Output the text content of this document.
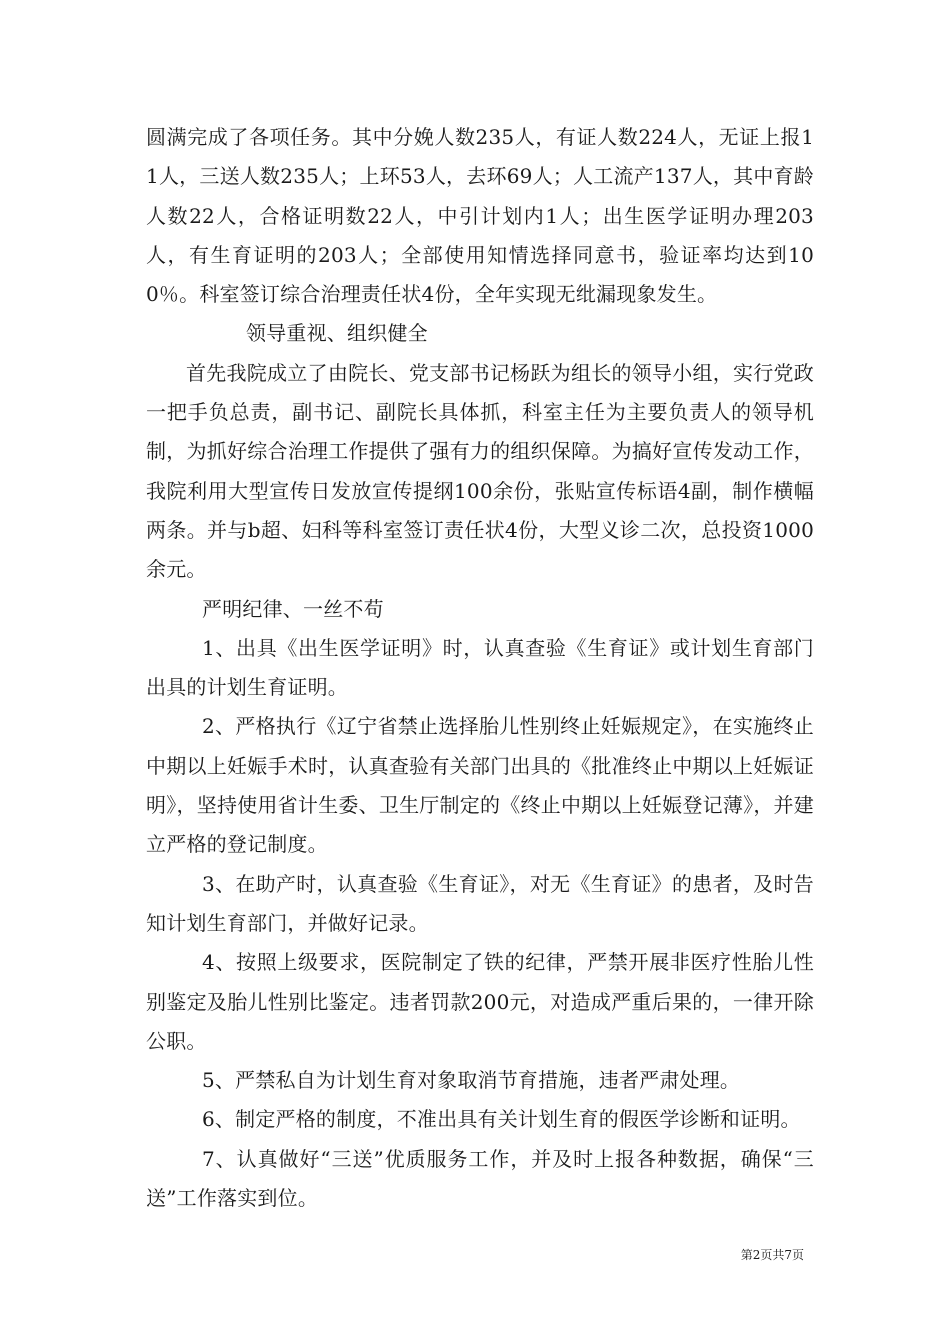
圆满完成了各项任务。其中分娩人数235人，有证人数224人，无证上报11人，三送人数235人；上环53人，去环69人；人工流产137人，其中育龄人数22人，合格证明数22人，中引计划内1人；出生医学证明办理203人，有生育证明的203人；全部使用知情选择同意书，验证率均达到100％。科室签订综合治理责任状4份，全年实现无纰漏现象发生。

领导重视、组织健全

首先我院成立了由院长、党支部书记杨跃为组长的领导小组，实行党政一把手负总责，副书记、副院长具体抓，科室主任为主要负责人的领导机制，为抓好综合治理工作提供了强有力的组织保障。为搞好宣传发动工作，我院利用大型宣传日发放宣传提纲100余份，张贴宣传标语4副，制作横幅两条。并与b超、妇科等科室签订责任状4份，大型义诊二次，总投资1000余元。

严明纪律、一丝不苟

1、出具《出生医学证明》时，认真查验《生育证》或计划生育部门出具的计划生育证明。

2、严格执行《辽宁省禁止选择胎儿性别终止妊娠规定》，在实施终止中期以上妊娠手术时，认真查验有关部门出具的《批准终止中期以上妊娠证明》，坚持使用省计生委、卫生厅制定的《终止中期以上妊娠登记薄》，并建立严格的登记制度。

3、在助产时，认真查验《生育证》，对无《生育证》的患者，及时告知计划生育部门，并做好记录。

4、按照上级要求，医院制定了铁的纪律，严禁开展非医疗性胎儿性别鉴定及胎儿性别比鉴定。违者罚款200元，对造成严重后果的，一律开除公职。

5、严禁私自为计划生育对象取消节育措施，违者严肃处理。

6、制定严格的制度，不准出具有关计划生育的假医学诊断和证明。

7、认真做好“三送”优质服务工作，并及时上报各种数据，确保“三送”工作落实到位。

第2页共7页
